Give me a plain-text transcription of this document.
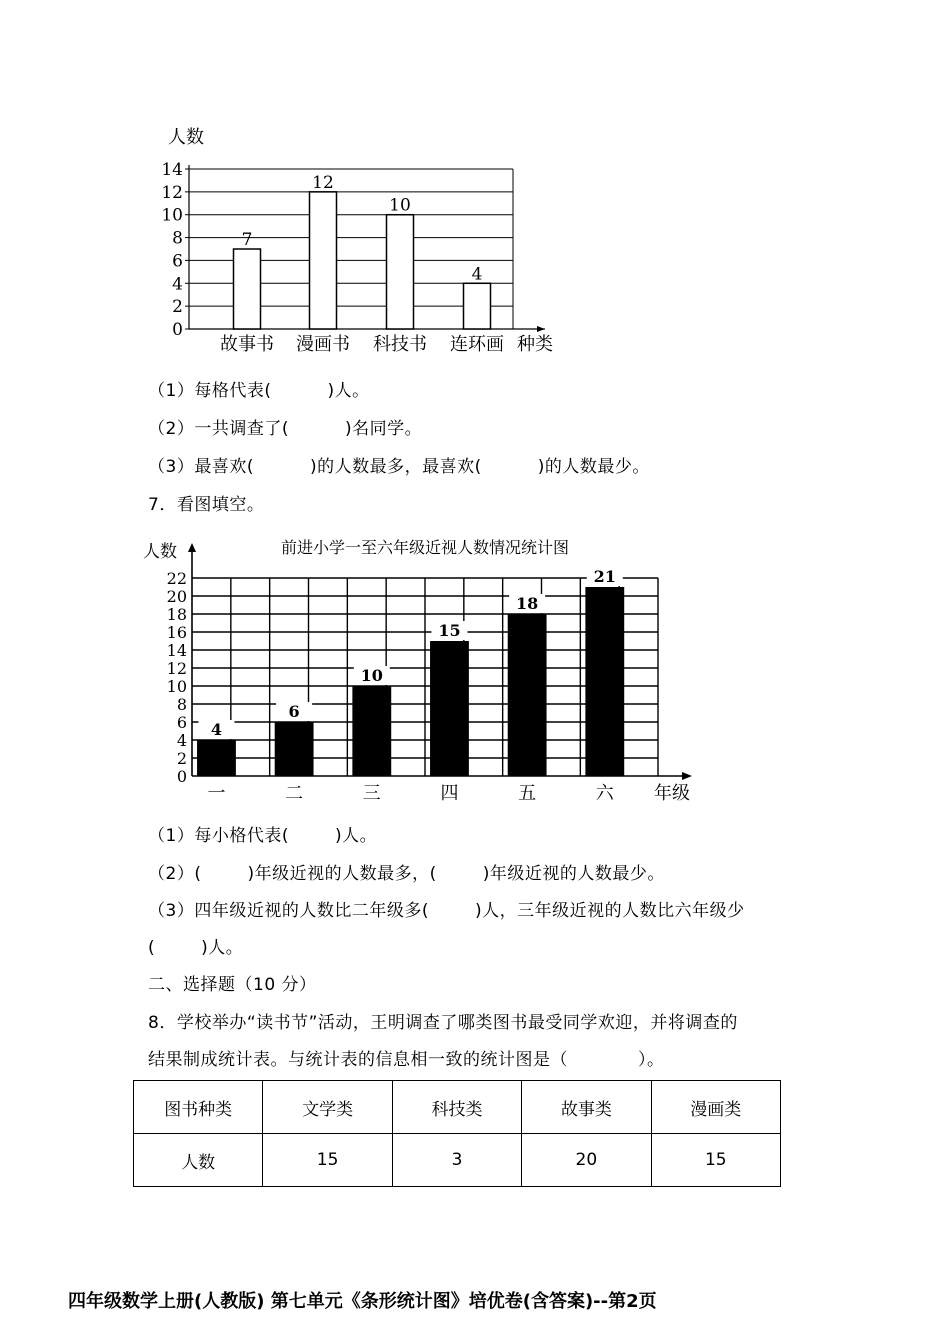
0
2
4
6
8
10
12
14
人数
7
故事书
12
漫画书
10
科技书
4
连环画 种类
（1）每格代表(	)人。
（2）一共调查了(	)名同学。
（3）最喜欢(	)的人数最多，最喜欢(	)的人数最少。
7．看图填空。
0
2
4
6
8
10
12
14
16
18
20
22
人数	前进小学一至六年级近视人数情况统计图
4
一
6
二
10
三
15
四
18
五
21
六 年级
（1）每小格代表(	)人。
（2）(	)年级近视的人数最多，(	)年级近视的人数最少。
（3）四年级近视的人数比二年级多(	)人，三年级近视的人数比六年级少
(	)人。
二、选择题（10 分）
8．学校举办“读书节”活动，王明调查了哪类图书最受同学欢迎，并将调查的
结果制成统计表。与统计表的信息相一致的统计图是（	）。
图书种类	文学类	科技类	故事类	漫画类
人数	15	3	20	15
四年级数学上册(人教版) 第七单元《条形统计图》培优卷(含答案)--第2页
